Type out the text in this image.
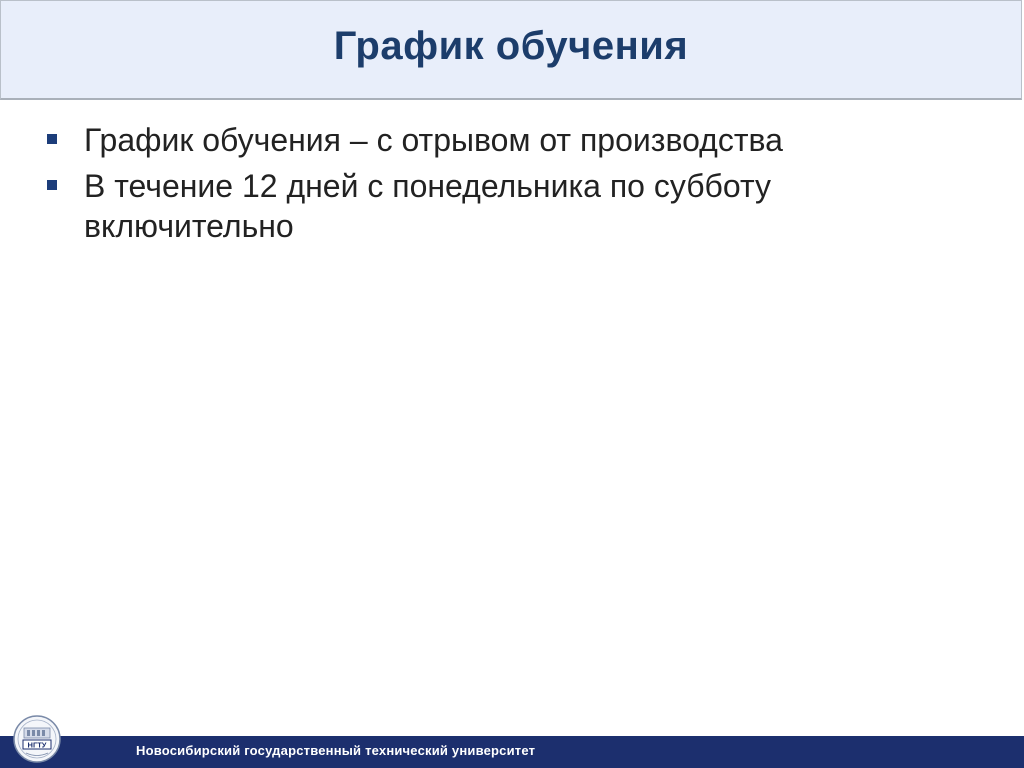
График обучения
График обучения – с отрывом от производства
В течение 12 дней с понедельника по субботу включительно
Новосибирский государственный технический университет
НГТУ
